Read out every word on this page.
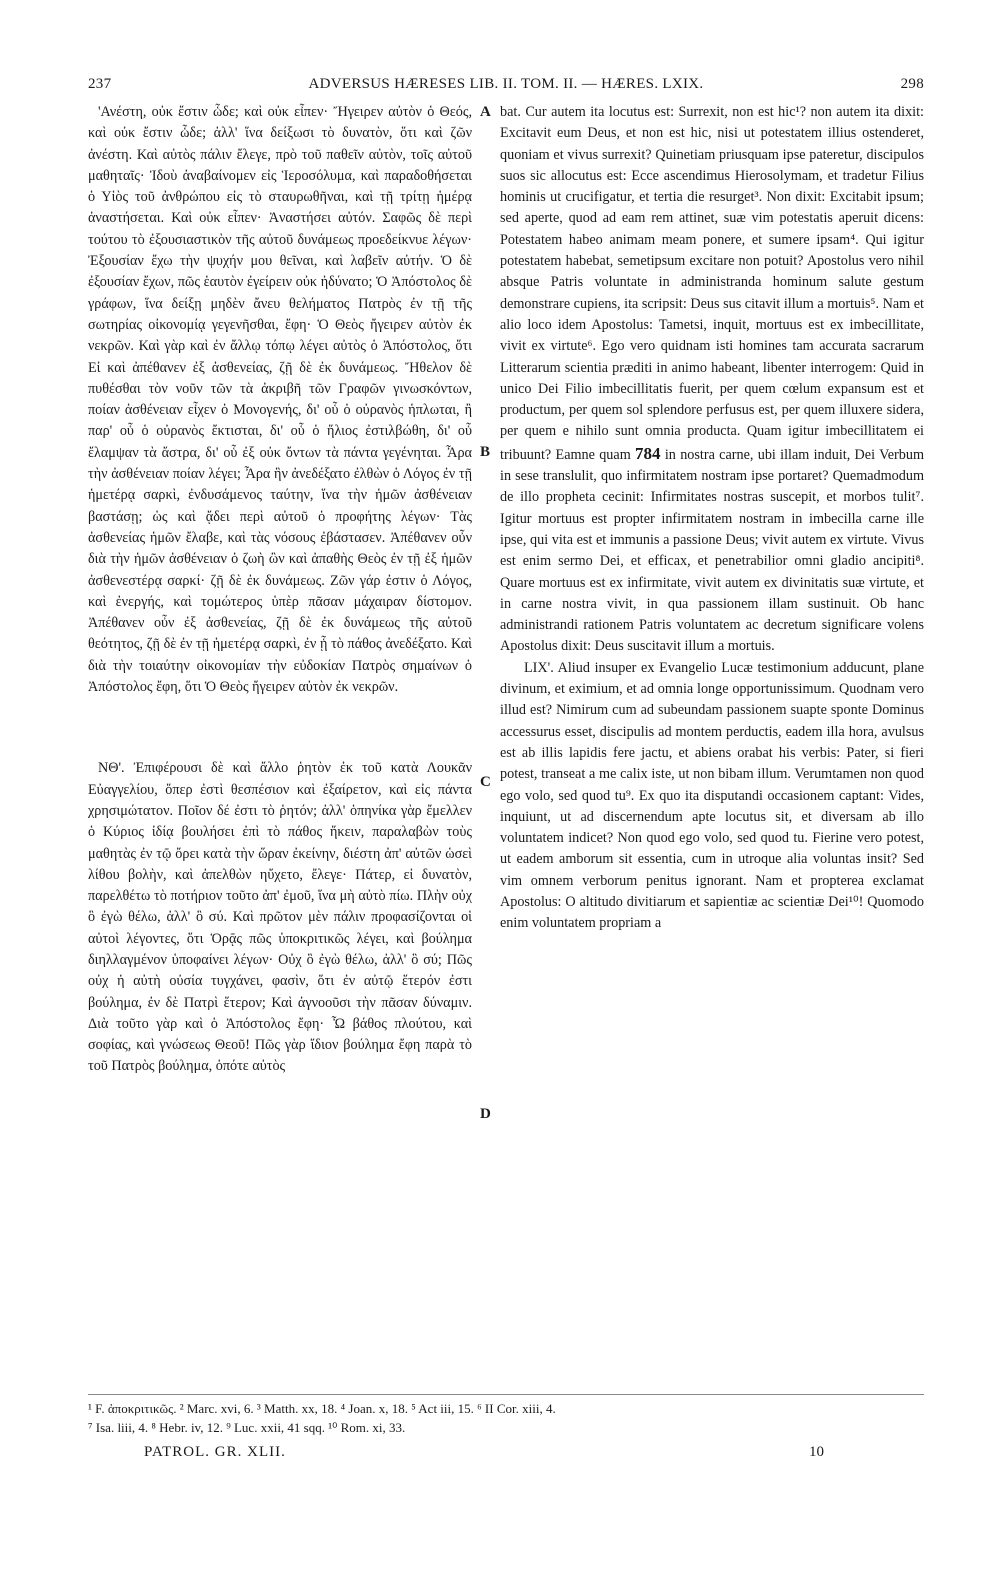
237	ADVERSUS HÆRESES LIB. II. TOM. II. — HÆRES. LXIX.	298

'Ανέστη, οὐκ ἔστιν ὧδε; καὶ οὐκ εἶπεν· Ἤγειρεν αὐτὸν ὁ Θεός, καὶ οὐκ ἔστιν ὧδε; ἀλλ' ἵνα δείξωσι τὸ δυνατὸν, ὅτι καὶ ζῶν ἀνέστη. Καὶ αὐτὸς πάλιν ἔλεγε, πρὸ τοῦ παθεῖν αὐτὸν, τοῖς αὐτοῦ μαθηταῖς· Ἰδοὺ ἀναβαίνομεν εἰς Ἱεροσόλυμα, καὶ παραδοθήσεται ὁ Υἱὸς τοῦ ἀνθρώπου εἰς τὸ σταυρωθῆναι, καὶ τῇ τρίτῃ ἡμέρᾳ ἀναστήσεται. Καὶ οὐκ εἶπεν· Ἀναστήσει αὐτόν. Σαφῶς δὲ περὶ τούτου τὸ ἐξουσιαστικὸν τῆς αὐτοῦ δυνάμεως προεδείκνυε λέγων· Ἐξουσίαν ἔχω τὴν ψυχήν μου θεῖναι, καὶ λαβεῖν αὐτήν. Ὁ δὲ ἐξουσίαν ἔχων, πῶς ἑαυτὸν ἐγείρειν οὐκ ἠδύνατο; Ὁ Ἀπόστολος δὲ γράφων, ἵνα δείξῃ μηδὲν ἄνευ θελήματος Πατρὸς ἐν τῇ τῆς σωτηρίας οἰκονομίᾳ γεγενῆσθαι, ἔφη· Ὁ Θεὸς ἤγειρεν αὐτὸν ἐκ νεκρῶν. Καὶ γὰρ καὶ ἐν ἄλλῳ τόπῳ λέγει αὐτὸς ὁ Ἀπόστολος, ὅτι Εἰ καὶ ἀπέθανεν ἐξ ἀσθενείας, ζῇ δὲ ἐκ δυνάμεως. Ἤθελον δὲ πυθέσθαι τὸν νοῦν τῶν τὰ ἀκριβῆ τῶν Γραφῶν γινωσκόντων, ποίαν ἀσθένειαν εἶχεν ὁ Μονογενής, δι' οὗ ὁ οὐρανὸς ἡπλωται, ἢ παρ' οὗ ὁ οὐρανὸς ἔκτισται, δι' οὗ ὁ ἥλιος ἐστιλβώθη, δι' οὗ ἔλαμψαν τὰ ἄστρα, δι' οὗ ἐξ οὐκ ὄντων τὰ πάντα γεγένηται. Ἆρα τὴν ἀσθένειαν ποίαν λέγει; Ἆρα ἣν ἀνεδέξατο ἐλθὼν ὁ Λόγος ἐν τῇ ἡμετέρᾳ σαρκὶ, ἐνδυσάμενος ταύτην, ἵνα τὴν ἡμῶν ἀσθένειαν βαστάσῃ; ὡς καὶ ᾄδει περὶ αὐτοῦ ὁ προφήτης λέγων· Τὰς ἀσθενείας ἡμῶν ἔλαβε, καὶ τὰς νόσους ἐβάστασεν. Ἀπέθανεν οὖν διὰ τὴν ἡμῶν ἀσθένειαν ὁ ζωὴ ὢν καὶ ἀπαθὴς Θεὸς ἐν τῇ ἐξ ἡμῶν ἀσθενεστέρᾳ σαρκί· ζῇ δὲ ἐκ δυνάμεως. Ζῶν γάρ ἐστιν ὁ Λόγος, καὶ ἐνεργής, καὶ τομώτερος ὑπὲρ πᾶσαν μάχαιραν δίστομον. Ἀπέθανεν οὖν ἐξ ἀσθενείας, ζῇ δὲ ἐκ δυνάμεως τῆς αὐτοῦ θεότητος, ζῇ δὲ ἐν τῇ ἡμετέρᾳ σαρκὶ, ἐν ᾗ τὸ πάθος ἀνεδέξατο. Καὶ διὰ τὴν τοιαύτην οἰκονομίαν τὴν εὐδοκίαν Πατρὸς σημαίνων ὁ Ἀπόστολος ἔφη, ὅτι Ὁ Θεὸς ἤγειρεν αὐτὸν ἐκ νεκρῶν.

ΝΘ'. Ἐπιφέρουσι δὲ καὶ ἄλλο ῥητὸν ἐκ τοῦ κατὰ Λουκᾶν Εὐαγγελίου, ὅπερ ἐστὶ θεσπέσιον καὶ ἐξαίρετον, καὶ εἰς πάντα χρησιμώτατον. Ποῖον δέ ἐστι τὸ ῥητόν; ἀλλ' ὁπηνίκα γὰρ ἔμελλεν ὁ Κύριος ἰδίᾳ βουλήσει ἐπὶ τὸ πάθος ἥκειν, παραλαβὼν τοὺς μαθητὰς ἐν τῷ ὄρει κατὰ τὴν ὥραν ἐκείνην, διέστη ἀπ' αὐτῶν ὡσεὶ λίθου βολὴν, καὶ ἀπελθὼν ηὔχετο, ἔλεγε· Πάτερ, εἰ δυνατὸν, παρελθέτω τὸ ποτήριον τοῦτο ἀπ' ἐμοῦ, ἵνα μὴ αὐτὸ πίω. Πλὴν οὐχ ὃ ἐγὼ θέλω, ἀλλ' ὃ σύ. Καὶ πρῶτον μὲν πάλιν προφασίζονται οἱ αὐτοὶ λέγοντες, ὅτι Ὁρᾷς πῶς ὑποκριτικῶς λέγει, καὶ βούλημα διηλλαγμένον ὑποφαίνει λέγων· Οὐχ ὃ ἐγὼ θέλω, ἀλλ' ὃ σύ; Πῶς οὐχ ἡ αὐτὴ οὐσία τυγχάνει, φασὶν, ὅτι ἐν αὐτῷ ἕτερόν ἐστι βούλημα, ἐν δὲ Πατρὶ ἕτερον; Καὶ ἀγνοοῦσι τὴν πᾶσαν δύναμιν. Διὰ τοῦτο γὰρ καὶ ὁ Ἀπόστολος ἔφη· Ὦ βάθος πλούτου, καὶ σοφίας, καὶ γνώσεως Θεοῦ! Πῶς γὰρ ἴδιον βούλημα ἔφη παρὰ τὸ τοῦ Πατρὸς βούλημα, ὁπότε αὐτὸς

bat. Cur autem ita locutus est: Surrexit, non est hic¹? non autem ita dixit: Excitavit eum Deus, et non est hic, nisi ut potestatem illius ostenderet, quoniam et vivus surrexit? Quinetiam priusquam ipse pateretur, discipulos suos sic allocutus est: Ecce ascendimus Hierosolymam, et tradetur Filius hominis ut crucifigatur, et tertia die resurget³. Non dixit: Excitabit ipsum; sed aperte, quod ad eam rem attinet, suæ vim potestatis aperuit dicens: Potestatem habeo animam meam ponere, et sumere ipsam⁴. Qui igitur potestatem habebat, semetipsum excitare non potuit? Apostolus vero nihil absque Patris voluntate in administranda hominum salute gestum demonstrare cupiens, ita scripsit: Deus sus citavit illum a mortuis⁵. Nam et alio loco idem Apostolus: Tametsi, inquit, mortuus est ex imbecillitate, vivit ex virtute⁶. Ego vero quidnam isti homines tam accurata sacrarum Litterarum scientia præditi in animo habeant, libenter interrogem: Quid in unico Dei Filio imbecillitatis fuerit, per quem cœlum expansum est et productum, per quem sol splendore perfusus est, per quem illuxere sidera, per quem e nihilo sunt omnia producta. Quam igitur imbecillitatem ei tribuunt? Eamne quam 784 in nostra carne, ubi illam induit, Dei Verbum in sese translulit, quo infirmitatem nostram ipse portaret? Quemadmodum de illo propheta cecinit: Infirmitates nostras suscepit, et morbos tulit⁷. Igitur mortuus est propter infirmitatem nostram in imbecilla carne ille ipse, qui vita est et immunis a passione Deus; vivit autem ex virtute. Vivus est enim sermo Dei, et efficax, et penetrabilior omni gladio ancipiti⁸. Quare mortuus est ex infirmitate, vivit autem ex divinitatis suæ virtute, et in carne nostra vivit, in qua passionem illam sustinuit. Ob hanc administrandi rationem Patris voluntatem ac decretum significare volens Apostolus dixit: Deus suscitavit illum a mortuis.

LIX'. Aliud insuper ex Evangelio Lucæ testimonium adducunt, plane divinum, et eximium, et ad omnia longe opportunissimum. Quodnam vero illud est? Nimirum cum ad subeundam passionem suapte sponte Dominus accessurus esset, discipulis ad montem perductis, eadem illa hora, avulsus est ab illis lapidis fere jactu, et abiens orabat his verbis: Pater, si fieri potest, transeat a me calix iste, ut non bibam illum. Verumtamen non quod ego volo, sed quod tu⁹. Ex quo ita disputandi occasionem captant: Vides, inquiunt, ut ad discernendum apte locutus sit, et diversam ab illo voluntatem indicet? Non quod ego volo, sed quod tu. Fierine vero potest, ut eadem amborum sit essentia, cum in utroque alia voluntas insit? Sed vim omnem verborum penitus ignorant. Nam et propterea exclamat Apostolus: O altitudo divitiarum et sapientiæ ac scientiæ Dei¹⁰! Quomodo enim voluntatem propriam a

A
B
C
D
¹ F. ἀποκριτικῶς. ² Marc. xvi, 6. ³ Matth. xx, 18. ⁴ Joan. x, 18. ⁵ Act iii, 15. ⁶ II Cor. xiii, 4.
⁷ Isa. liii, 4. ⁸ Hebr. iv, 12. ⁹ Luc. xxii, 41 sqq. ¹⁰ Rom. xi, 33.
PATROL. GR. XLII.	10
